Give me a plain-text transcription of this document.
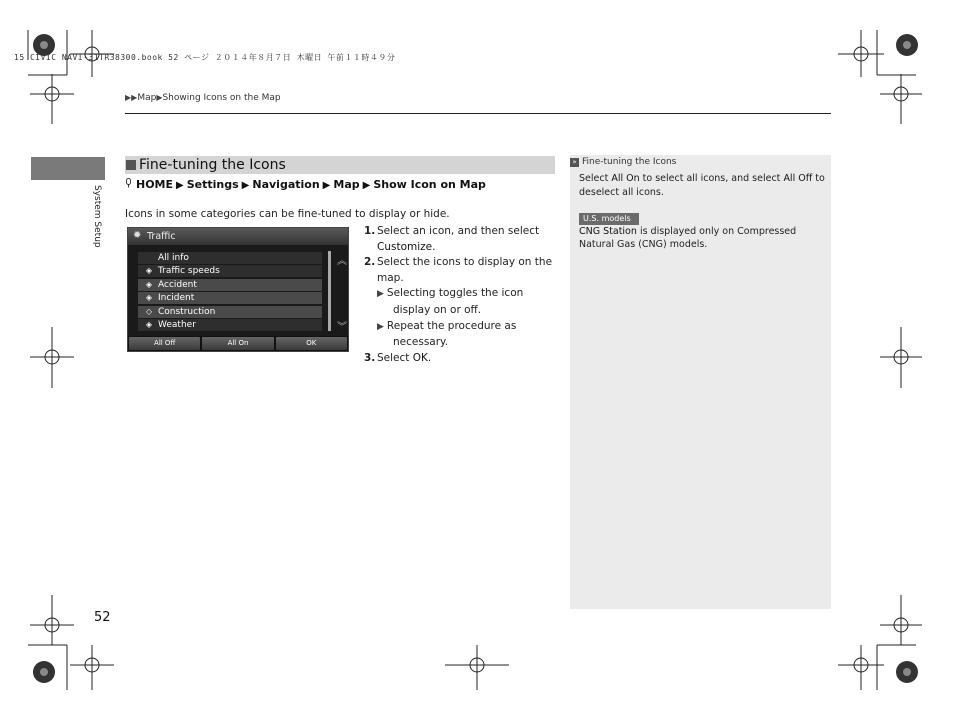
15 CIVIC NAVI-31TR38300.book 52 ページ ２０１４年８月７日 木曜日 午前１１時４９分
▶▶Map▶Showing Icons on the Map
System Setup
Fine-tuning the Icons
HOME ▶ Settings ▶ Navigation ▶ Map ▶ Show Icon on Map
Icons in some categories can be fine-tuned to display or hide.
✹ Traffic
All info
◈ Traffic speeds
◈ Accident
◈ Incident
◇ Construction
◈ Weather
︽
︾
All Off	All On	OK
1. Select an icon, and then select
Customize.
2. Select the icons to display on the
map.
▶ Selecting toggles the icon
display on or off.
▶ Repeat the procedure as
necessary.
3. Select OK.
» Fine-tuning the Icons
Select All On to select all icons, and select All Off to deselect all icons.
U.S. models
CNG Station is displayed only on Compressed Natural Gas (CNG) models.
52
